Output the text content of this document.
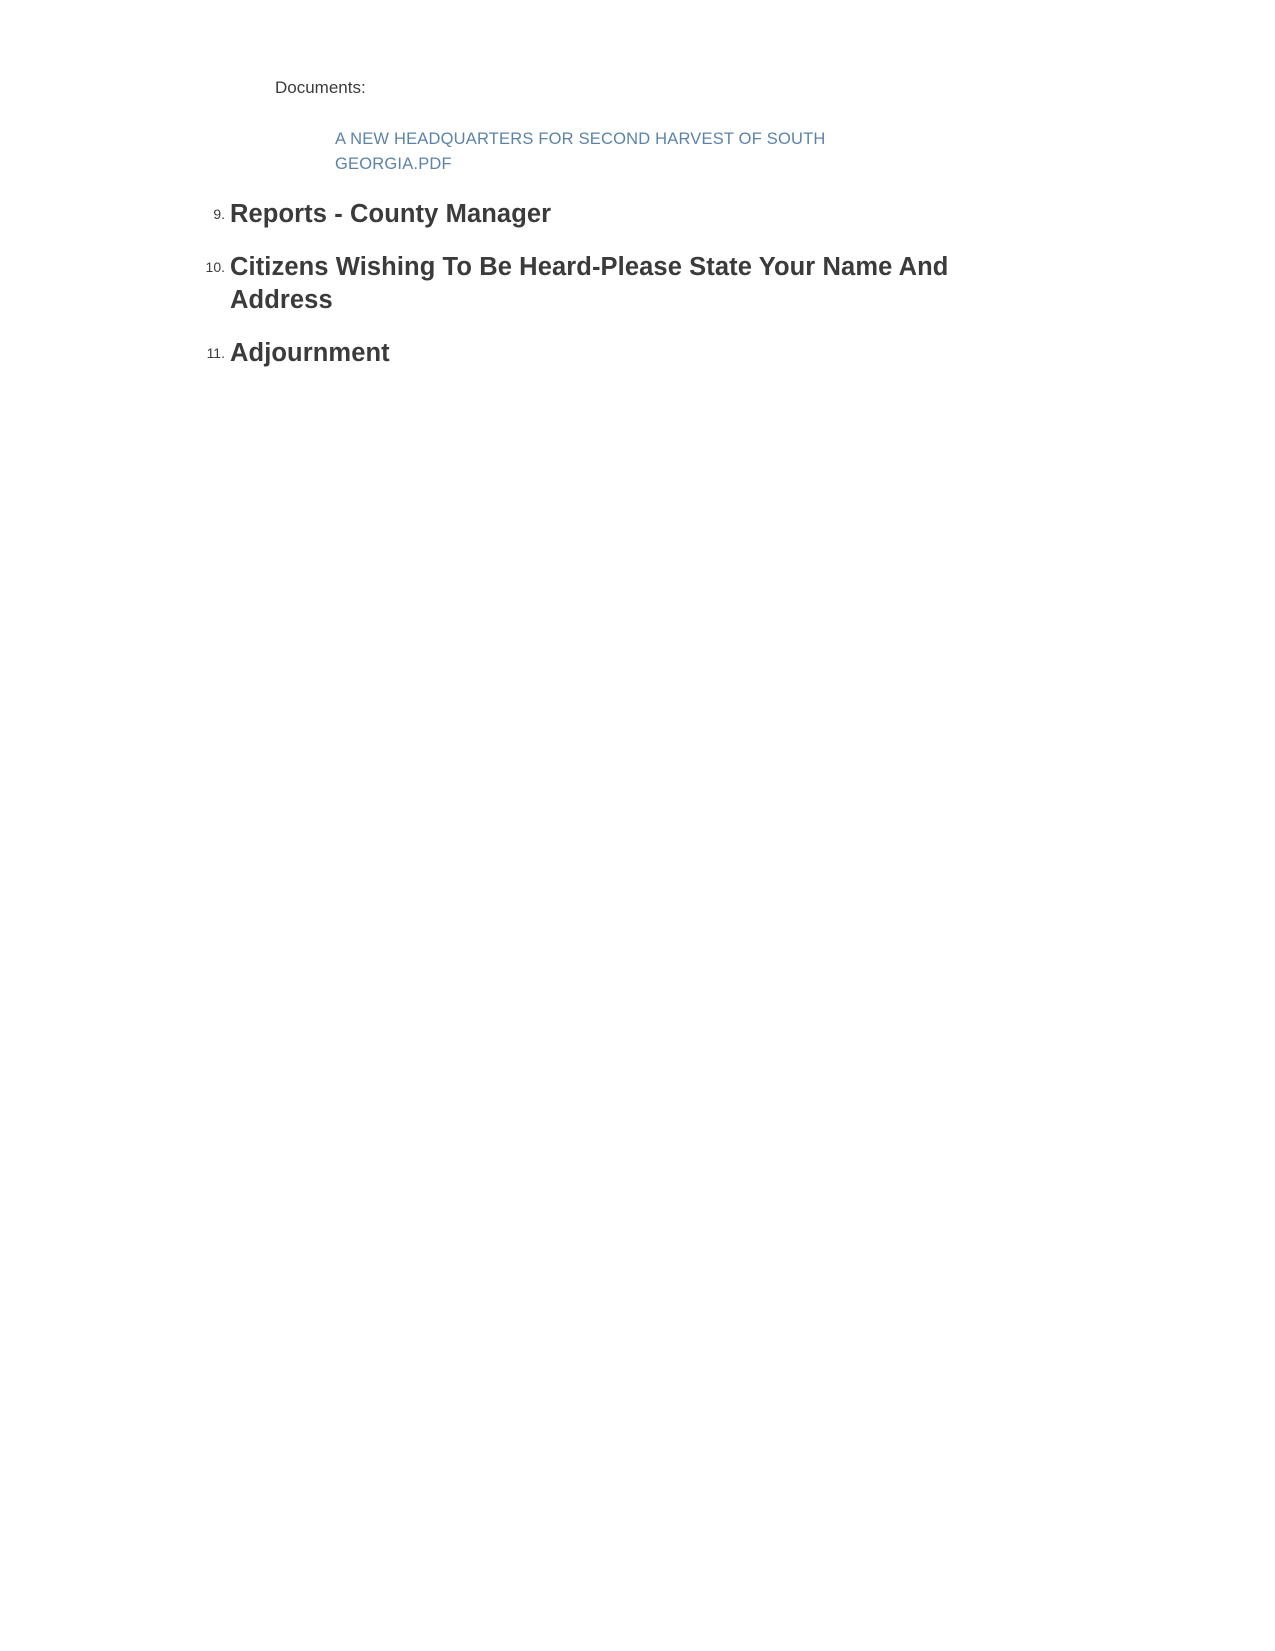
Documents:
A NEW HEADQUARTERS FOR SECOND HARVEST OF SOUTH GEORGIA.PDF
9. Reports - County Manager
10. Citizens Wishing To Be Heard-Please State Your Name And Address
11. Adjournment
